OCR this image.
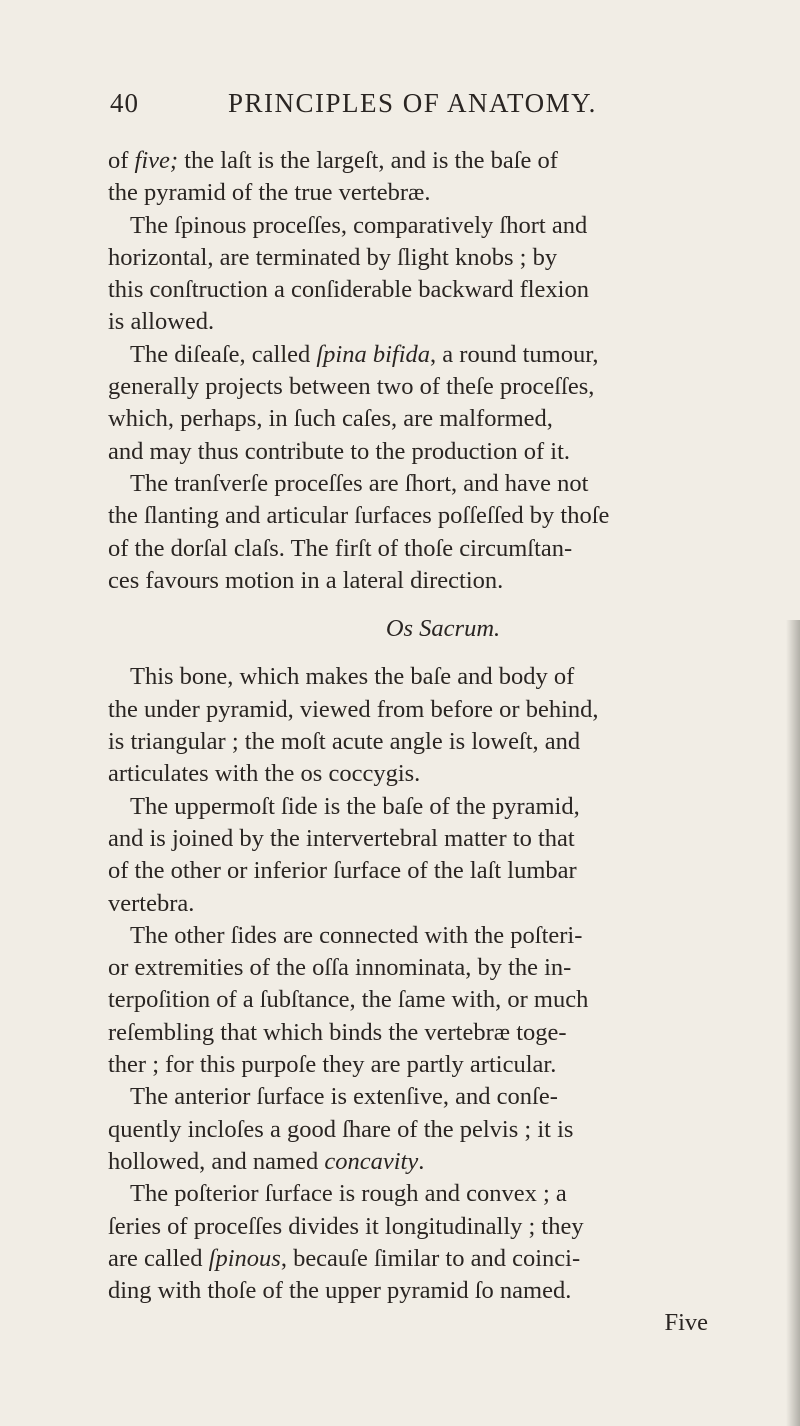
40	PRINCIPLES OF ANATOMY.
of five; the laſt is the largeſt, and is the baſe of
the pyramid of the true vertebræ.
The ſpinous proceſſes, comparatively ſhort and
horizontal, are terminated by ſlight knobs ; by
this conſtruction a conſiderable backward flexion
is allowed.
The diſeaſe, called ſpina bifida, a round tumour,
generally projects between two of theſe proceſſes,
which, perhaps, in ſuch caſes, are malformed,
and may thus contribute to the production of it.
The tranſverſe proceſſes are ſhort, and have not
the ſlanting and articular ſurfaces poſſeſſed by thoſe
of the dorſal claſs. The firſt of thoſe circumſtan-
ces favours motion in a lateral direction.
Os Sacrum.
This bone, which makes the baſe and body of
the under pyramid, viewed from before or behind,
is triangular ; the moſt acute angle is loweſt, and
articulates with the os coccygis.
The uppermoſt ſide is the baſe of the pyramid,
and is joined by the intervertebral matter to that
of the other or inferior ſurface of the laſt lumbar
vertebra.
The other ſides are connected with the poſteri-
or extremities of the oſſa innominata, by the in-
terpoſition of a ſubſtance, the ſame with, or much
reſembling that which binds the vertebræ toge-
ther ; for this purpoſe they are partly articular.
The anterior ſurface is extenſive, and conſe-
quently incloſes a good ſhare of the pelvis ; it is
hollowed, and named concavity.
The poſterior ſurface is rough and convex ; a
ſeries of proceſſes divides it longitudinally ; they
are called ſpinous, becauſe ſimilar to and coinci-
ding with thoſe of the upper pyramid ſo named.
Five
